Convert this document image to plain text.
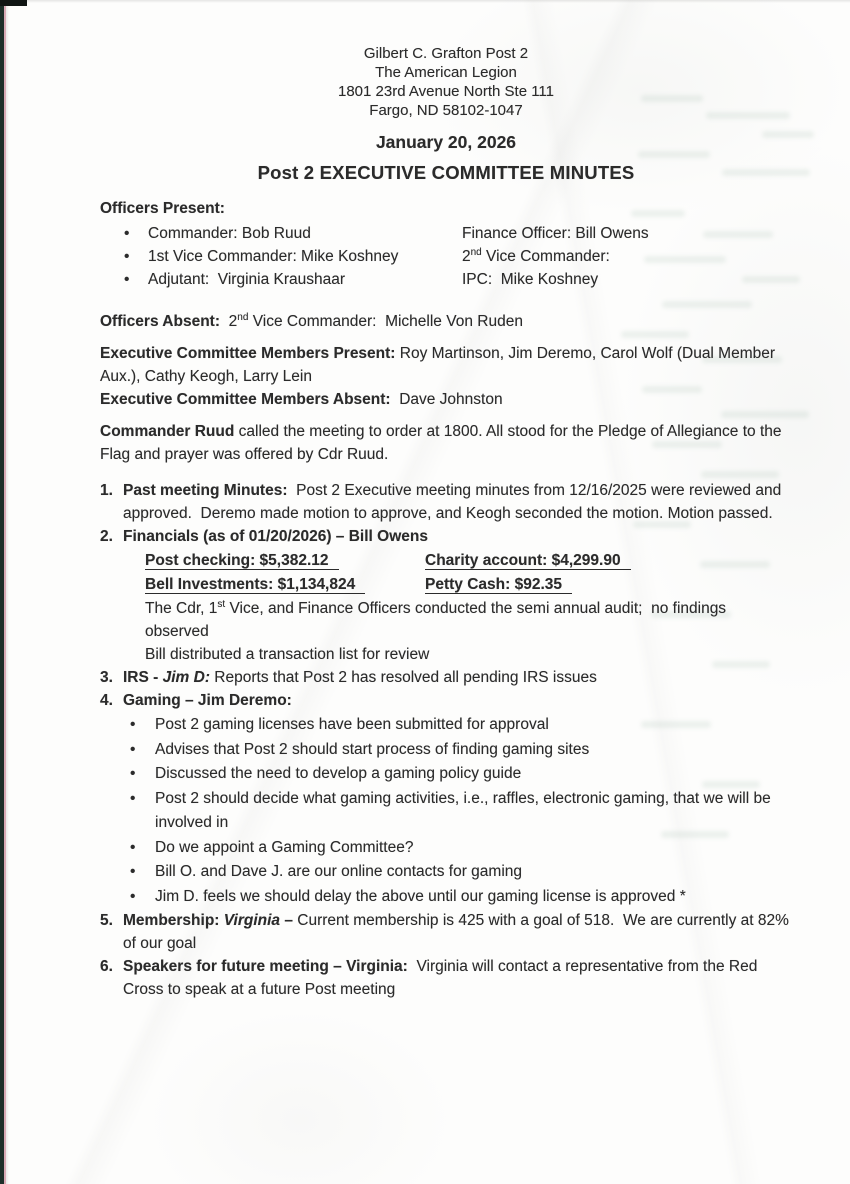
Gilbert C. Grafton Post 2
The American Legion
1801 23rd Avenue North Ste 111
Fargo, ND 58102-1047
January 20, 2026
Post 2 EXECUTIVE COMMITTEE MINUTES
Officers Present:
• Commander: Bob Ruud	Finance Officer: Bill Owens
• 1st Vice Commander: Mike Koshney	2nd Vice Commander:
• Adjutant:  Virginia Kraushaar	IPC:  Mike Koshney
Officers Absent: 2nd Vice Commander:  Michelle Von Ruden
Executive Committee Members Present: Roy Martinson, Jim Deremo, Carol Wolf (Dual Member Aux.), Cathy Keogh, Larry Lein
Executive Committee Members Absent:  Dave Johnston
Commander Ruud called the meeting to order at 1800. All stood for the Pledge of Allegiance to the Flag and prayer was offered by Cdr Ruud.
1. Past meeting Minutes:  Post 2 Executive meeting minutes from 12/16/2025 were reviewed and approved.  Deremo made motion to approve, and Keogh seconded the motion. Motion passed.
2. Financials (as of 01/20/2026) – Bill Owens
Post checking: $5,382.12	Charity account: $4,299.90
Bell Investments: $1,134,824	Petty Cash: $92.35
The Cdr, 1st Vice, and Finance Officers conducted the semi annual audit;  no findings observed
Bill distributed a transaction list for review
3. IRS - Jim D: Reports that Post 2 has resolved all pending IRS issues
4. Gaming – Jim Deremo:
• Post 2 gaming licenses have been submitted for approval
• Advises that Post 2 should start process of finding gaming sites
• Discussed the need to develop a gaming policy guide
• Post 2 should decide what gaming activities, i.e., raffles, electronic gaming, that we will be involved in
• Do we appoint a Gaming Committee?
• Bill O. and Dave J. are our online contacts for gaming
• Jim D. feels we should delay the above until our gaming license is approved *
5. Membership: Virginia – Current membership is 425 with a goal of 518.  We are currently at 82% of our goal
6. Speakers for future meeting – Virginia:  Virginia will contact a representative from the Red Cross to speak at a future Post meeting
